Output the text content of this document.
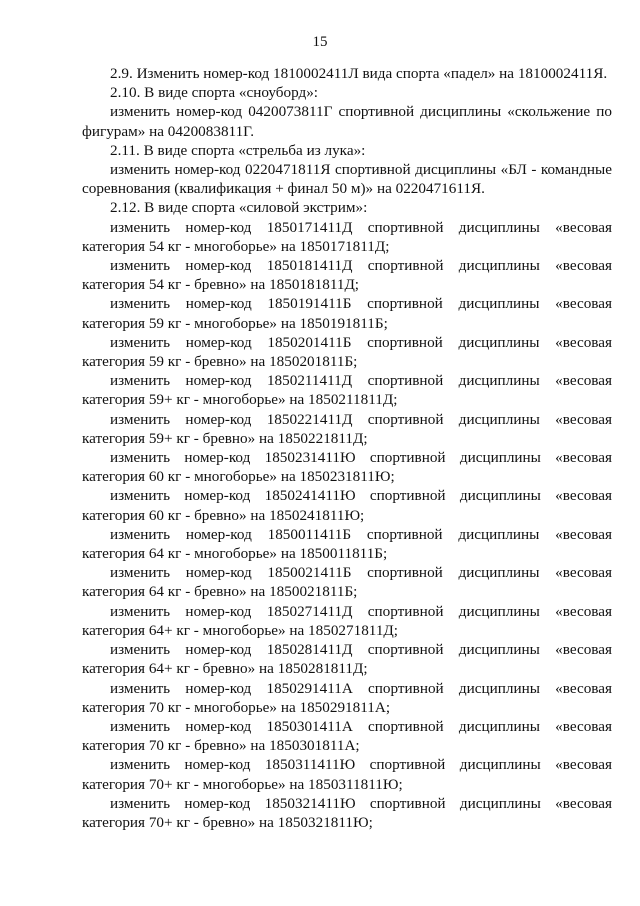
15
2.9. Изменить номер-код 1810002411Л вида спорта «падел» на 1810002411Я.
2.10. В виде спорта «сноуборд»:
изменить номер-код 0420073811Г спортивной дисциплины «скольжение по фигурам» на 0420083811Г.
2.11. В виде спорта «стрельба из лука»:
изменить номер-код 0220471811Я спортивной дисциплины «БЛ - командные соревнования (квалификация + финал 50 м)» на 0220471611Я.
2.12. В виде спорта «силовой экстрим»:
изменить номер-код 1850171411Д спортивной дисциплины «весовая категория 54 кг - многоборье» на 1850171811Д;
изменить номер-код 1850181411Д спортивной дисциплины «весовая категория 54 кг - бревно» на 1850181811Д;
изменить номер-код 1850191411Б спортивной дисциплины «весовая категория 59 кг - многоборье» на 1850191811Б;
изменить номер-код 1850201411Б спортивной дисциплины «весовая категория 59 кг - бревно» на 1850201811Б;
изменить номер-код 1850211411Д спортивной дисциплины «весовая категория 59+ кг - многоборье» на 1850211811Д;
изменить номер-код 1850221411Д спортивной дисциплины «весовая категория 59+ кг - бревно» на 1850221811Д;
изменить номер-код 1850231411Ю спортивной дисциплины «весовая категория 60 кг - многоборье» на 1850231811Ю;
изменить номер-код 1850241411Ю спортивной дисциплины «весовая категория 60 кг - бревно» на 1850241811Ю;
изменить номер-код 1850011411Б спортивной дисциплины «весовая категория 64 кг - многоборье» на 1850011811Б;
изменить номер-код 1850021411Б спортивной дисциплины «весовая категория 64 кг - бревно» на 1850021811Б;
изменить номер-код 1850271411Д спортивной дисциплины «весовая категория 64+ кг - многоборье» на 1850271811Д;
изменить номер-код 1850281411Д спортивной дисциплины «весовая категория 64+ кг - бревно» на 1850281811Д;
изменить номер-код 1850291411А спортивной дисциплины «весовая категория 70 кг - многоборье» на 1850291811А;
изменить номер-код 1850301411А спортивной дисциплины «весовая категория 70 кг - бревно» на 1850301811А;
изменить номер-код 1850311411Ю спортивной дисциплины «весовая категория 70+ кг - многоборье» на 1850311811Ю;
изменить номер-код 1850321411Ю спортивной дисциплины «весовая категория 70+ кг - бревно» на 1850321811Ю;
